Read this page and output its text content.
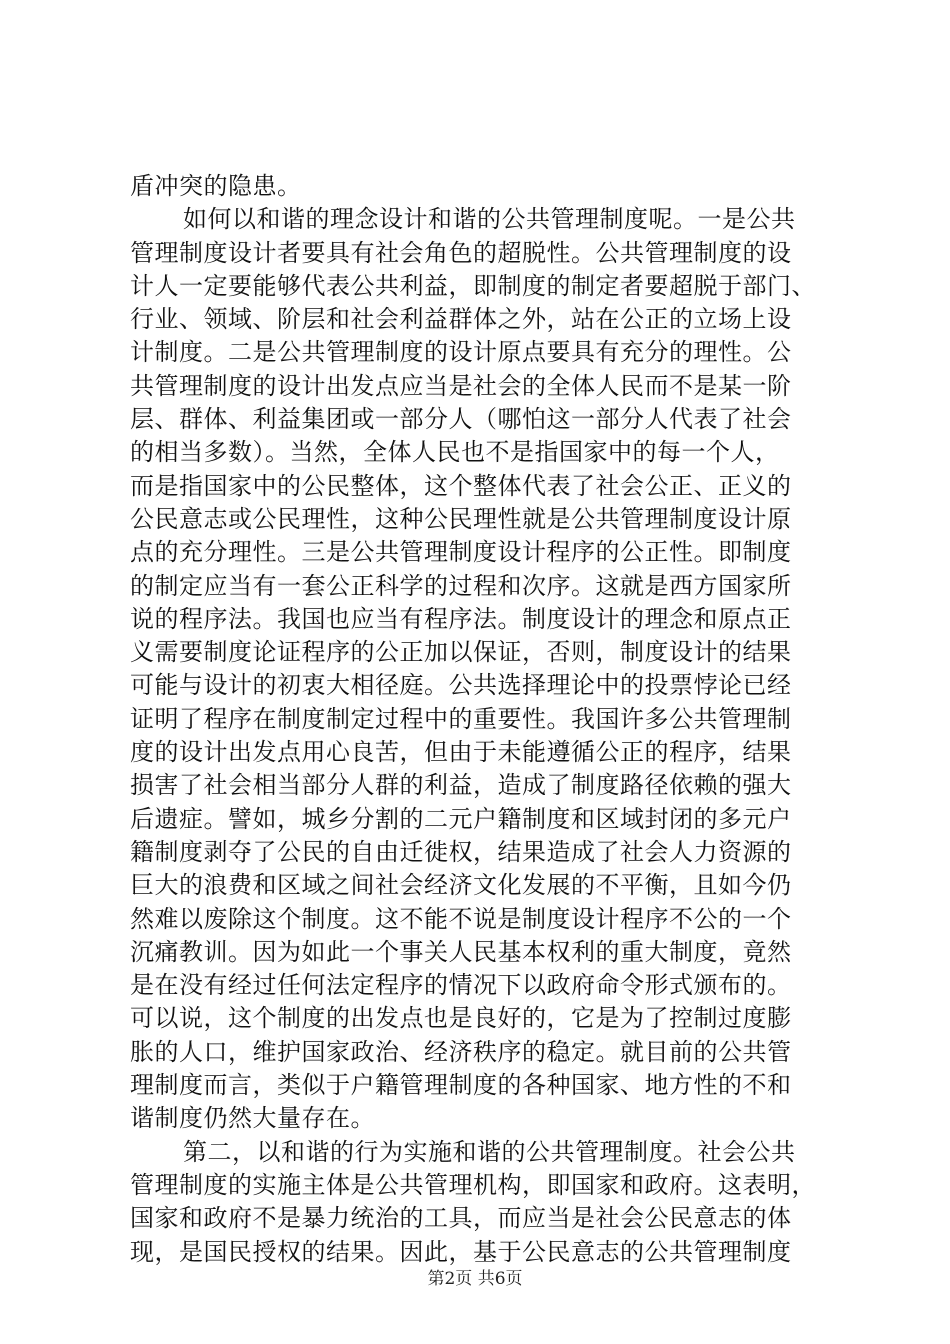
盾冲突的隐患。
如何以和谐的理念设计和谐的公共管理制度呢。一是公共
管理制度设计者要具有社会角色的超脱性。公共管理制度的设
计人一定要能够代表公共利益，即制度的制定者要超脱于部门、
行业、领域、阶层和社会利益群体之外，站在公正的立场上设
计制度。二是公共管理制度的设计原点要具有充分的理性。公
共管理制度的设计出发点应当是社会的全体人民而不是某一阶
层、群体、利益集团或一部分人（哪怕这一部分人代表了社会
的相当多数）。当然，全体人民也不是指国家中的每一个人，
而是指国家中的公民整体，这个整体代表了社会公正、正义的
公民意志或公民理性，这种公民理性就是公共管理制度设计原
点的充分理性。三是公共管理制度设计程序的公正性。即制度
的制定应当有一套公正科学的过程和次序。这就是西方国家所
说的程序法。我国也应当有程序法。制度设计的理念和原点正
义需要制度论证程序的公正加以保证，否则，制度设计的结果
可能与设计的初衷大相径庭。公共选择理论中的投票悖论已经
证明了程序在制度制定过程中的重要性。我国许多公共管理制
度的设计出发点用心良苦，但由于未能遵循公正的程序，结果
损害了社会相当部分人群的利益，造成了制度路径依赖的强大
后遗症。譬如，城乡分割的二元户籍制度和区域封闭的多元户
籍制度剥夺了公民的自由迁徙权，结果造成了社会人力资源的
巨大的浪费和区域之间社会经济文化发展的不平衡，且如今仍
然难以废除这个制度。这不能不说是制度设计程序不公的一个
沉痛教训。因为如此一个事关人民基本权利的重大制度，竟然
是在没有经过任何法定程序的情况下以政府命令形式颁布的。
可以说，这个制度的出发点也是良好的，它是为了控制过度膨
胀的人口，维护国家政治、经济秩序的稳定。就目前的公共管
理制度而言，类似于户籍管理制度的各种国家、地方性的不和
谐制度仍然大量存在。
第二，以和谐的行为实施和谐的公共管理制度。社会公共
管理制度的实施主体是公共管理机构，即国家和政府。这表明，
国家和政府不是暴力统治的工具，而应当是社会公民意志的体
现，是国民授权的结果。因此，基于公民意志的公共管理制度
第2页 共6页
